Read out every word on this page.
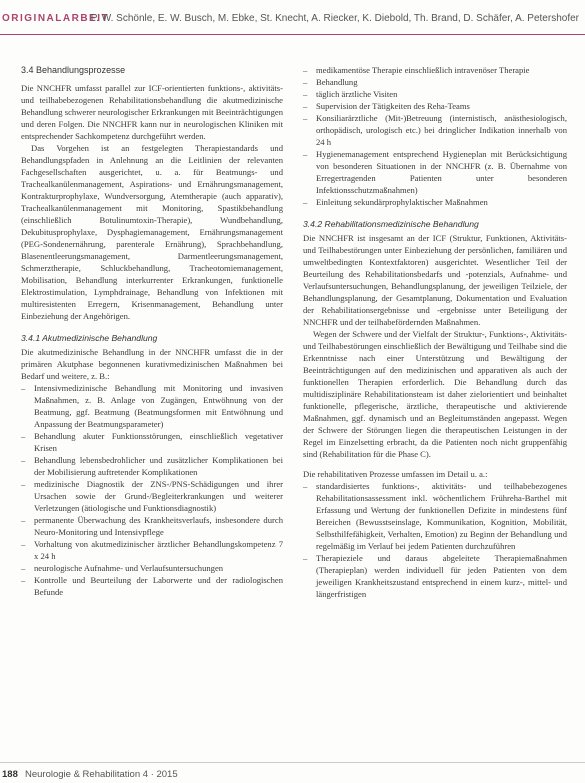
ORIGINALARBEIT
P. W. Schönle, E. W. Busch, M. Ebke, St. Knecht, A. Riecker, K. Diebold, Th. Brand, D. Schäfer, A. Petershofer
3.4 Behandlungsprozesse

Die NNCHFR umfasst parallel zur ICF-orientierten funktions-, aktivitäts- und teilhabebezogenen Rehabilitationsbehandlung die akutmedizinische Behandlung schwerer neurologischer Erkrankungen mit Beeinträchtigungen und deren Folgen. Die NNCHFR kann nur in neurologischen Kliniken mit entsprechender Sachkompetenz durchgeführt werden.

Das Vorgehen ist an festgelegten Therapiestandards und Behandlungspfaden in Anlehnung an die Leitlinien der relevanten Fachgesellschaften ausgerichtet, u. a. für Beatmungs- und Trachealkanülenmanagement, Aspirations- und Ernährungsmanagement, Kontrakturprophylaxe, Wundversorgung, Atemtherapie (auch apparativ), Trachealkanülenmanagement mit Monitoring, Spastikbehandlung (einschließlich Botulinumtoxin-Therapie), Wundbehandlung, Dekubitusprophylaxe, Dysphagiemanagement, Ernährungsmanagement (PEG-Sondenernährung, parenterale Ernährung), Sprachbehandlung, Blasenentleerungsmanagement, Darmentleerungsmanagement, Schmerztherapie, Schluckbehandlung, Tracheotomiemanagement, Mobilisation, Behandlung interkurrenter Erkrankungen, funktionelle Elektrostimulation, Lymphdrainage, Behandlung von Infektionen mit multiresistenten Erregern, Krisenmanagement, Behandlung unter Einbeziehung der Angehörigen.

3.4.1 Akutmedizinische Behandlung

Die akutmedizinische Behandlung in der NNCHFR umfasst die in der primären Akutphase begonnenen kurativmedizinischen Maßnahmen bei Bedarf und weitere, z. B.:

– Intensivmedizinische Behandlung mit Monitoring und invasiven Maßnahmen, z. B. Anlage von Zugängen, Entwöhnung von der Beatmung, ggf. Beatmung (Beatmungsformen mit Entwöhnung und Anpassung der Beatmungsparameter)
– Behandlung akuter Funktionsstörungen, einschließlich vegetativer Krisen
– Behandlung lebensbedrohlicher und zusätzlicher Komplikationen bei der Mobilisierung auftretender Komplikationen
– medizinische Diagnostik der ZNS-/PNS-Schädigungen und ihrer Ursachen sowie der Grund-/Begleiterkrankungen und weiterer Verletzungen (ätiologische und Funktionsdiagnostik)
– permanente Überwachung des Krankheitsverlaufs, insbesondere durch Neuro-Monitoring und Intensivpflege
– Vorhaltung von akutmedizinischer ärztlicher Behandlungskompetenz 7 x 24 h
– neurologische Aufnahme- und Verlaufsuntersuchungen
– Kontrolle und Beurteilung der Laborwerte und der radiologischen Befunde
– medikamentöse Therapie einschließlich intravenöser Therapie
– Behandlung
– täglich ärztliche Visiten
– Supervision der Tätigkeiten des Reha-Teams
– Konsiliarärztliche (Mit-)Betreuung (internistisch, anästhesiologisch, orthopädisch, urologisch etc.) bei dringlicher Indikation innerhalb von 24 h
– Hygienemanagement entsprechend Hygieneplan mit Berücksichtigung von besonderen Situationen in der NNCHFR (z. B. Übernahme von Erregertragenden Patienten unter besonderen Infektionsschutzmaßnahmen)
– Einleitung sekundärprophylaktischer Maßnahmen
3.4.2 Rehabilitationsmedizinische Behandlung

Die NNCHFR ist insgesamt an der ICF (Struktur, Funktionen, Aktivitäts- und Teilhabestörungen unter Einbeziehung der persönlichen, familiären und umweltbedingten Kontextfaktoren) ausgerichtet. Wesentlicher Teil der Beurteilung des Rehabilitationsbedarfs und -potenzials, Aufnahme- und Verlaufsuntersuchungen, Behandlungsplanung, der jeweiligen Teilziele, der Behandlungsplanung, der Gesamtplanung, Dokumentation und Evaluation der Rehabilitationsergebnisse und -ergebnisse unter Beteiligung der NNCHFR und der teilhabefördernden Maßnahmen.

Wegen der Schwere und der Vielfalt der Struktur-, Funktions-, Aktivitäts- und Teilhabestörungen einschließlich der Bewältigung und Teilhabe sind die Erkenntnisse nach einer Unterstützung und Bewältigung der Beeinträchtigungen auf den medizinischen und apparativen als auch der funktionellen Therapien erforderlich. Die Behandlung durch das multidisziplinäre Rehabilitationsteam ist daher zielorientiert und beinhaltet funktionelle, pflegerische, ärztliche, therapeutische und aktivierende Maßnahmen, ggf. dynamisch und an Begleitumständen angepasst. Wegen der Schwere der Störungen liegen die therapeutischen Leistungen in der Regel im Einzelsetting erbracht, da die Patienten noch nicht gruppenfähig sind (Rehabilitation für die Phase C).

Die rehabilitativen Prozesse umfassen im Detail u. a.:

– standardisiertes funktions-, aktivitäts- und teilhabebezogenes Rehabilitationsassessment inkl. wöchentlichem Frühreha-Barthel mit Erfassung und Wertung der funktionellen Defizite in mindestens fünf Bereichen (Bewusstseinslage, Kommunikation, Kognition, Mobilität, Selbsthilfefähigkeit, Verhalten, Emotion) zu Beginn der Behandlung und regelmäßig im Verlauf bei jedem Patienten durchzuführen
– Therapieziele und daraus abgeleitete Therapiemaßnahmen (Therapieplan) werden individuell für jeden Patienten von dem jeweiligen Krankheitszustand entsprechend in einem kurz-, mittel- und längerfristigen
188 Neurologie & Rehabilitation 4 · 2015
